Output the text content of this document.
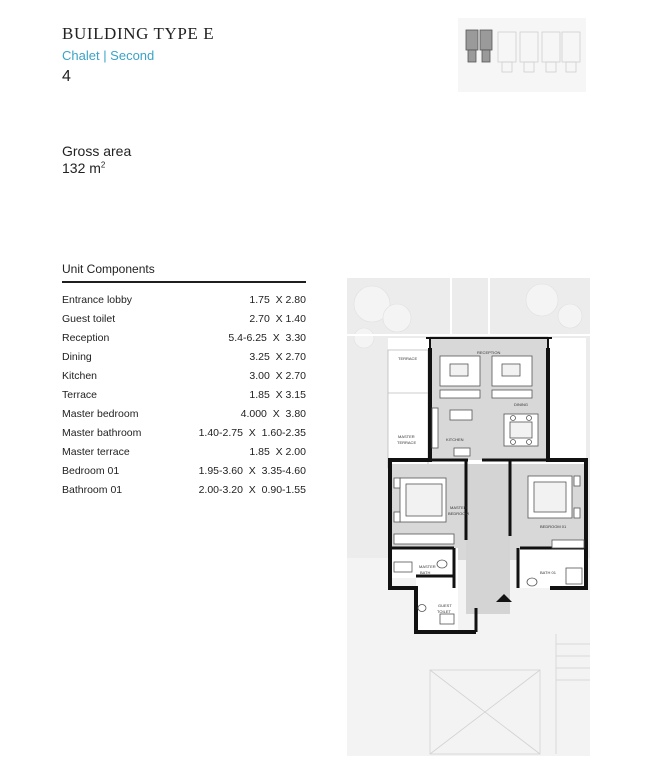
BUILDING TYPE E
Chalet | Second
4
Gross area
132 $m^2$
Unit Components
Entrance lobby	1.75  X 2.80
Guest toilet	2.70  X 1.40
Reception	5.4-6.25  X  3.30
Dining	3.25  X 2.70
Kitchen	3.00  X 2.70
Terrace	1.85  X 3.15
Master bedroom	4.000  X  3.80
Master bathroom	1.40-2.75  X  1.60-2.35
Master terrace	1.85  X 2.00
Bedroom 01	1.95-3.60  X  3.35-4.60
Bathroom 01	2.00-3.20  X  0.90-1.55
RECEPTION
TERRACE
DINING
KITCHEN
MASTER
TERRACE
MASTER
BEDROOM
BEDROOM 01
MASTER
BATH	BATH 01
GUEST
TOILET
